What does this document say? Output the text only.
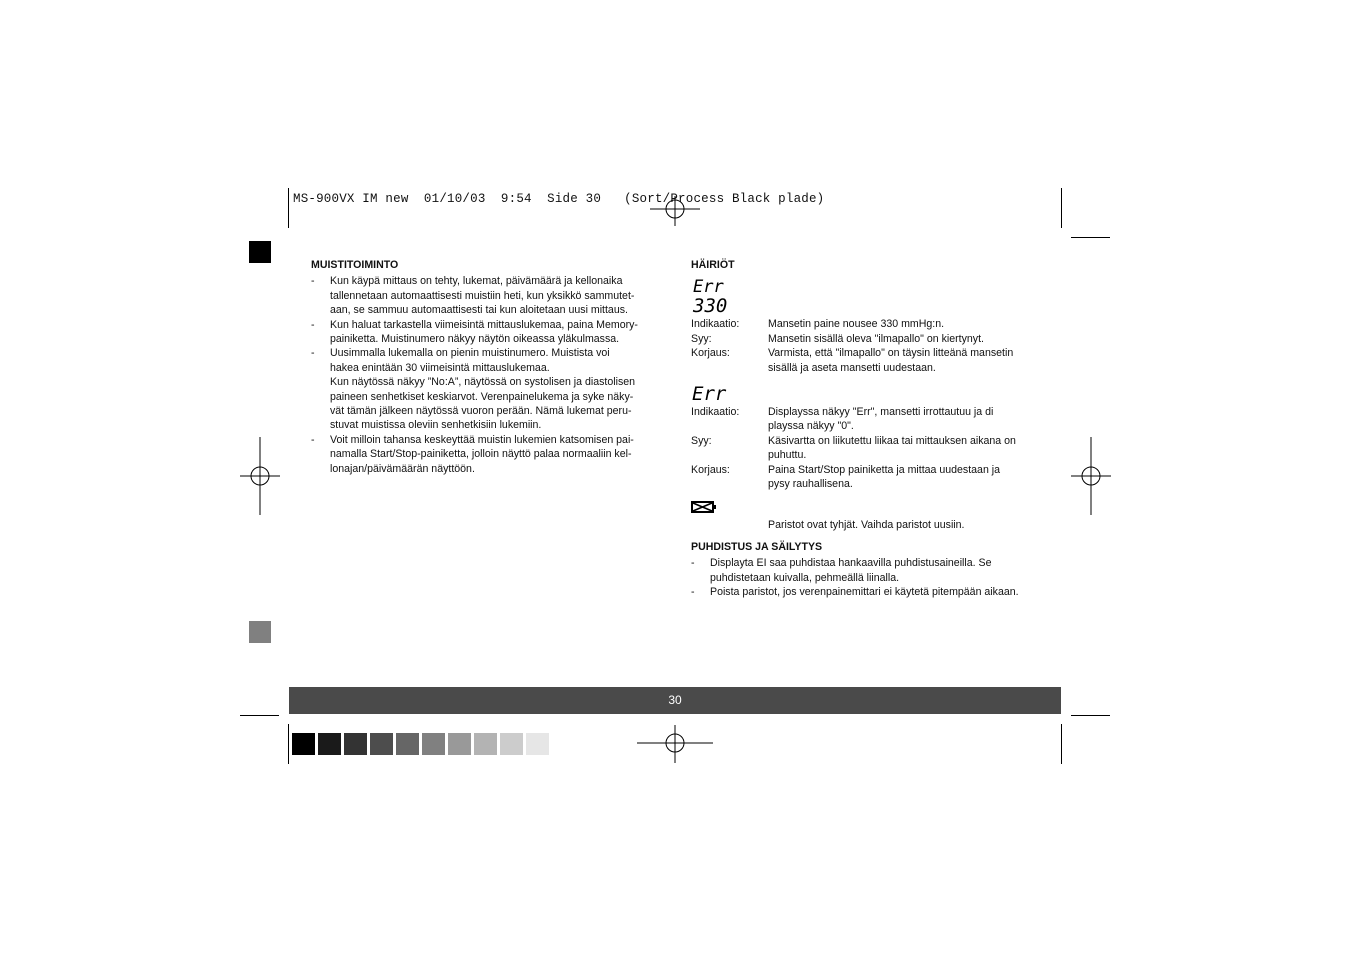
MS-900VX IM new  01/10/03  9:54  Side 30   (Sort/Process Black plade)
MUISTITOIMINTO
- Kun käypä mittaus on tehty, lukemat, päivämäärä ja kellonaika

tallennetaan automaattisesti muistiin heti, kun yksikkö sammutet-

aan, se sammuu automaattisesti tai kun aloitetaan uusi mittaus.

- Kun haluat tarkastella viimeisintä mittauslukemaa, paina Memory-

painiketta. Muistinumero näkyy näytön oikeassa yläkulmassa.

- Uusimmalla lukemalla on pienin muistinumero. Muistista voi

hakea enintään 30 viimeisintä mittauslukemaa.

Kun näytössä näkyy ”No:A”, näytössä on systolisen ja diastolisen

paineen senhetkiset keskiarvot. Verenpainelukema ja syke näky-

vät tämän jälkeen näytössä vuoron perään. Nämä lukemat peru-

stuvat muistissa oleviin senhetkisiin lukemiin.

- Voit milloin tahansa keskeyttää muistin lukemien katsomisen pai-

namalla Start/Stop-painiketta, jolloin näyttö palaa normaaliin kel-

lonajan/päivämäärän näyttöön.

HÄIRIÖT
Err
330
Indikaatio:	Mansetin paine nousee 330 mmHg:n.
Syy:	Mansetin sisällä oleva "ilmapallo" on kiertynyt.
Korjaus:	Varmista, että "ilmapallo" on täysin litteänä mansetin
sisällä ja aseta mansetti uudestaan.
Err
Indikaatio:	Displayssa näkyy "Err", mansetti irrottautuu ja di
playssa näkyy "0".
Syy:	Käsivartta on liikutettu liikaa tai mittauksen aikana on
puhuttu.
Korjaus:	Paina Start/Stop painiketta ja mittaa uudestaan ja
pysy rauhallisena.
Paristot ovat tyhjät. Vaihda paristot uusiin.
PUHDISTUS JA SÄILYTYS
- Displayta EI saa puhdistaa hankaavilla puhdistusaineilla. Se

puhdistetaan kuivalla, pehmeällä liinalla.

- Poista paristot, jos verenpainemittari ei käytetä pitempään aikaan.

30
